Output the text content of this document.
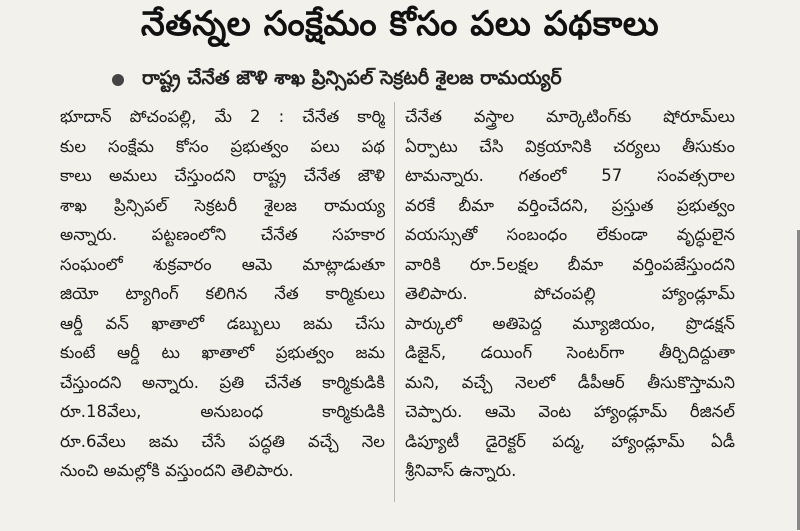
నేతన్నల సంక్షేమం కోసం పలు పథకాలు
రాష్ట్ర చేనేత జౌళి శాఖ ప్రిన్సిపల్ సెక్రటరీ శైలజ రామయ్యర్
భూదాన్ పోచంపల్లి, మే 2 : చేనేత కార్మి
కుల సంక్షేమ కోసం ప్రభుత్వం పలు పథ
కాలు అమలు చేస్తుందని రాష్ట్ర చేనేత జౌళి
శాఖ ప్రిన్సిపల్ సెక్రటరీ శైలజ రామయ్య
అన్నారు. పట్టణంలోని చేనేత సహకార
సంఘంలో శుక్రవారం ఆమె మాట్లాడుతూ
జియో ట్యాగింగ్ కలిగిన నేత కార్మికులు
ఆర్డీ వన్ ఖాతాలో డబ్బులు జమ చేసు
కుంటే ఆర్డీ టు ఖాతాలో ప్రభుత్వం జమ
చేస్తుందని అన్నారు. ప్రతి చేనేత కార్మికుడికి
రూ.18వేలు, అనుబంధ కార్మికుడికి
రూ.6వేలు జమ చేసే పద్ధతి వచ్చే నెల
నుంచి అమల్లోకి వస్తుందని తెలిపారు.
చేనేత వస్త్రాల మార్కెటింగ్‌కు షోరూమ్‌లు
ఏర్పాటు చేసి విక్రయానికి చర్యలు తీసుకుం
టామన్నారు. గతంలో 57 సంవత్సరాల
వరకే బీమా వర్తించేదని, ప్రస్తుత ప్రభుత్వం
వయస్సుతో సంబంధం లేకుండా వృద్ధులైన
వారికి రూ.5లక్షల బీమా వర్తింపజేస్తుందని
తెలిపారు. పోచంపల్లి హ్యాండ్లూమ్
పార్కులో అతిపెద్ద మ్యూజియం, ప్రొడక్షన్
డిజైన్, డయింగ్ సెంటర్‌గా తీర్చిదిద్దుతా
మని, వచ్చే నెలలో డీపీఆర్ తీసుకొస్తామని
చెప్పారు. ఆమె వెంట హ్యాండ్లూమ్ రీజినల్
డిప్యూటీ డైరెక్టర్ పద్మ, హ్యాండ్లూమ్ ఏడీ
శ్రీనివాస్ ఉన్నారు.
